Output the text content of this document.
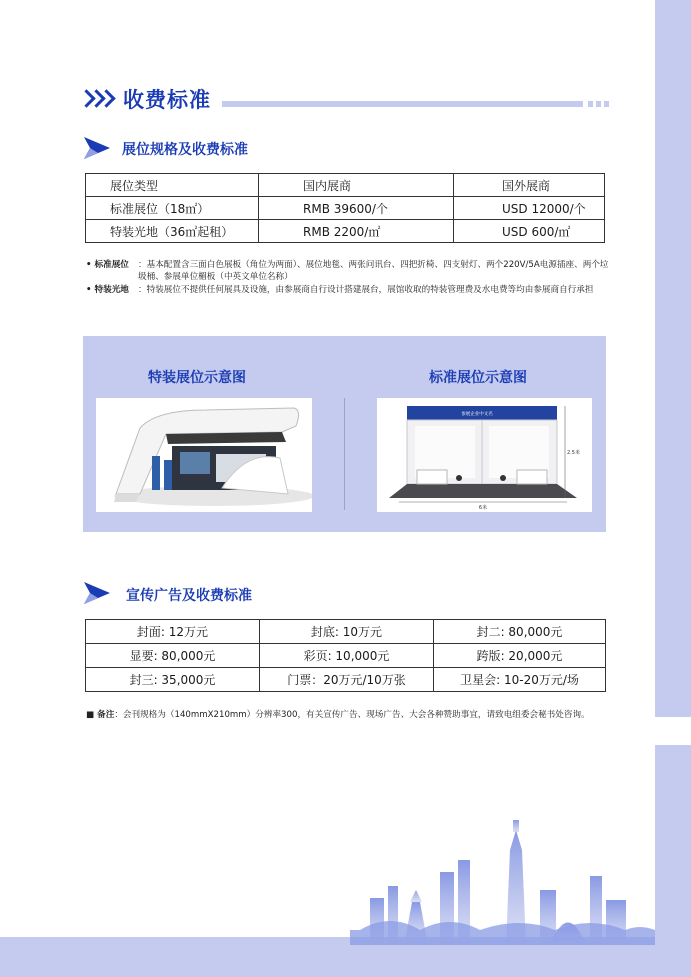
收费标准
展位规格及收费标准
展位类型	国内展商	国外展商
标准展位（18㎡）	RMB 39600/个	USD 12000/个
特装光地（36㎡起租）	RMB 2200/㎡	USD 600/㎡
• 标准展位 ：基本配置含三面白色展板（角位为两面）、展位地毯、两张问讯台、四把折椅、四支射灯、两个220V/5A电源插座、两个垃圾桶、参展单位楣板（中英文单位名称）
• 特装光地 ：特装展位不提供任何展具及设施，由参展商自行设计搭建展台，展馆收取的特装管理费及水电费等均由参展商自行承担
特装展位示意图	标准展位示意图
参展企业中文名
2.5米
6米
宣传广告及收费标准
封面: 12万元	封底: 10万元	封二: 80,000元
显要: 80,000元	彩页: 10,000元	跨版: 20,000元
封三: 35,000元	门票：20万元/10万张	卫星会: 10-20万元/场
■ 备注：会刊规格为（140mmX210mm）分辨率300，有关宣传广告、现场广告、大会各种赞助事宜，请致电组委会秘书处咨询。
